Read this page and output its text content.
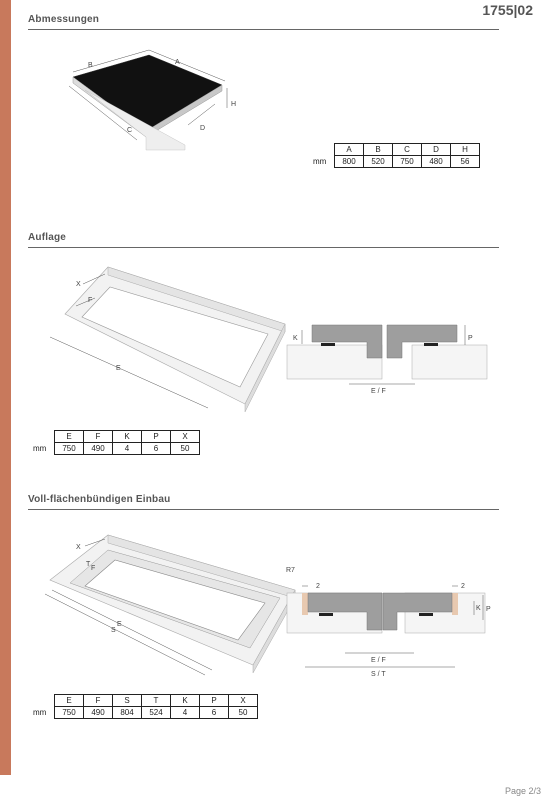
1755|02
Abmessungen
B	A
H
C	D
	A	B	C	D	H
mm	800	520	750	480	56
Auflage
X
F
E
K	P
E / F
	E	F	K	P	X
mm	750	490	4	6	50
Voll-flächenbündigen Einbau
X
T
F
S
E
R7
2	2
K P
E / F
S / T
	E	F	S	T	K	P	X
mm	750	490	804	524	4	6	50
Page 2/3
